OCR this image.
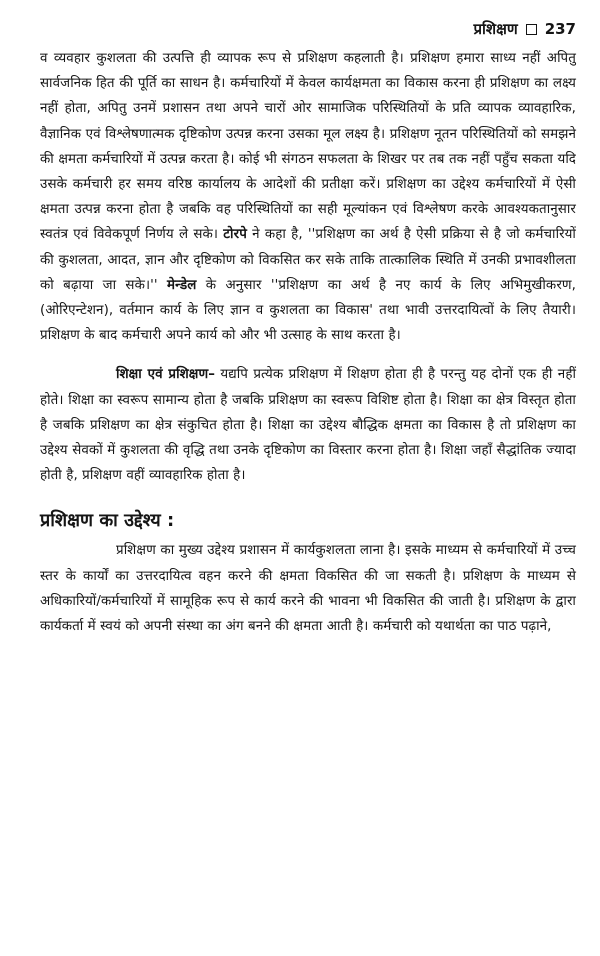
प्रशिक्षण 237

व व्यवहार कुशलता की उत्पत्ति ही व्यापक रूप से प्रशिक्षण कहलाती है। प्रशिक्षण हमारा साध्य नहीं अपितु सार्वजनिक हित की पूर्ति का साधन है। कर्मचारियों में केवल कार्यक्षमता का विकास करना ही प्रशिक्षण का लक्ष्य नहीं होता, अपितु उनमें प्रशासन तथा अपने चारों ओर सामाजिक परिस्थितियों के प्रति व्यापक व्यावहारिक, वैज्ञानिक एवं विश्लेषणात्मक दृष्टिकोण उत्पन्न करना उसका मूल लक्ष्य है। प्रशिक्षण नूतन परिस्थितियों को समझने की क्षमता कर्मचारियों में उत्पन्न करता है। कोई भी संगठन सफलता के शिखर पर तब तक नहीं पहुँच सकता यदि उसके कर्मचारी हर समय वरिष्ठ कार्यालय के आदेशों की प्रतीक्षा करें। प्रशिक्षण का उद्देश्य कर्मचारियों में ऐसी क्षमता उत्पन्न करना होता है जबकि वह परिस्थितियों का सही मूल्यांकन एवं विश्लेषण करके आवश्यकतानुसार स्वतंत्र एवं विवेकपूर्ण निर्णय ले सके। टोरपे ने कहा है, ''प्रशिक्षण का अर्थ है ऐसी प्रक्रिया से है जो कर्मचारियों की कुशलता, आदत, ज्ञान और दृष्टिकोण को विकसित कर सके ताकि तात्कालिक स्थिति में उनकी प्रभावशीलता को बढ़ाया जा सके।'' मेन्डेल के अनुसार ''प्रशिक्षण का अर्थ है नए कार्य के लिए अभिमुखीकरण, (ओरिएन्टेशन), वर्तमान कार्य के लिए ज्ञान व कुशलता का विकास' तथा भावी उत्तरदायित्वों के लिए तैयारी। प्रशिक्षण के बाद कर्मचारी अपने कार्य को और भी उत्साह के साथ करता है।

शिक्षा एवं प्रशिक्षण– यद्यपि प्रत्येक प्रशिक्षण में शिक्षण होता ही है परन्तु यह दोनों एक ही नहीं होते। शिक्षा का स्वरूप सामान्य होता है जबकि प्रशिक्षण का स्वरूप विशिष्ट होता है। शिक्षा का क्षेत्र विस्तृत होता है जबकि प्रशिक्षण का क्षेत्र संकुचित होता है। शिक्षा का उद्देश्य बौद्धिक क्षमता का विकास है तो प्रशिक्षण का उद्देश्य सेवकों में कुशलता की वृद्धि तथा उनके दृष्टिकोण का विस्तार करना होता है। शिक्षा जहाँ सैद्धांतिक ज्यादा होती है, प्रशिक्षण वहीं व्यावहारिक होता है।

प्रशिक्षण का उद्देश्य :

प्रशिक्षण का मुख्य उद्देश्य प्रशासन में कार्यकुशलता लाना है। इसके माध्यम से कर्मचारियों में उच्च स्तर के कार्यों का उत्तरदायित्व वहन करने की क्षमता विकसित की जा सकती है। प्रशिक्षण के माध्यम से अधिकारियों/कर्मचारियों में सामूहिक रूप से कार्य करने की भावना भी विकसित की जाती है। प्रशिक्षण के द्वारा कार्यकर्ता में स्वयं को अपनी संस्था का अंग बनने की क्षमता आती है। कर्मचारी को यथार्थता का पाठ पढ़ाने,
